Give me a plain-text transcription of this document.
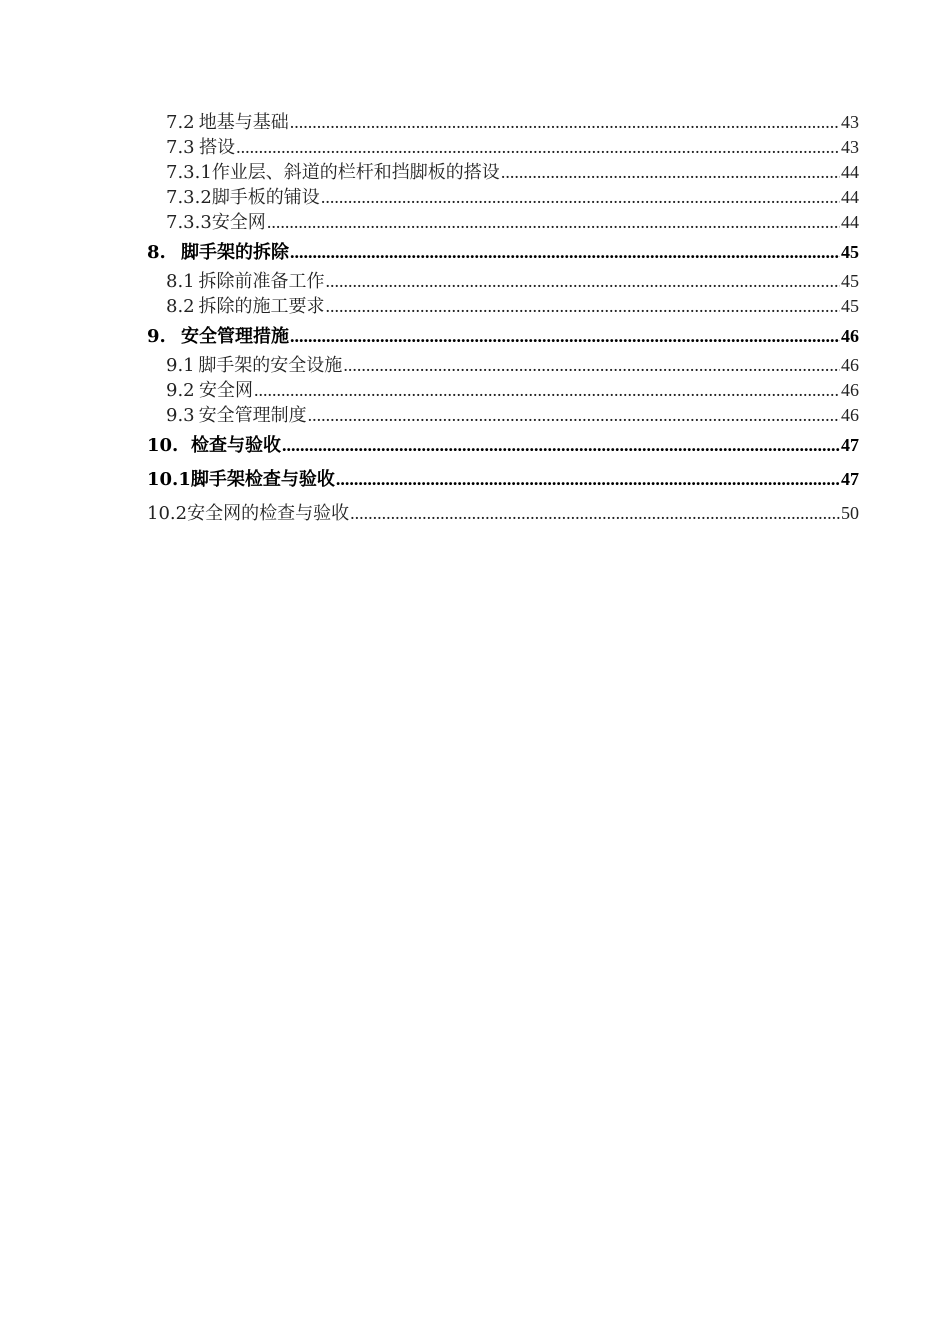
7.2 地基与基础 .....	43
7.3 搭设 .....	43
7.3.1 作业层、斜道的栏杆和挡脚板的搭设 .....	44
7.3.2 脚手板的铺设 .....	44
7.3.3 安全网 .....	44
8. 脚手架的拆除 .....	45
8.1 拆除前准备工作 .....	45
8.2 拆除的施工要求 .....	45
9. 安全管理措施 .....	46
9.1 脚手架的安全设施 .....	46
9.2 安全网 .....	46
9.3 安全管理制度 .....	46
10. 检查与验收 .....	47
10.1 脚手架检查与验收 .....	47
10.2 安全网的检查与验收 .....	50
